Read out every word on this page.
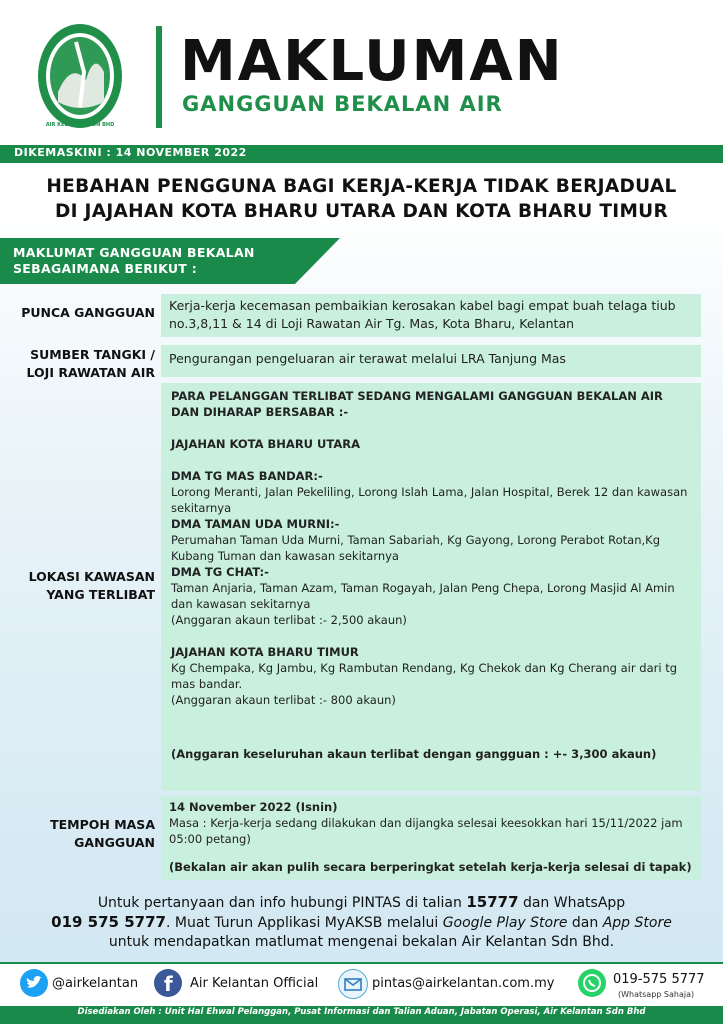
AIR KELANTAN SDN BHD
MAKLUMAN
GANGGUAN BEKALAN AIR
DIKEMASKINI : 14 NOVEMBER 2022
HEBAHAN PENGGUNA BAGI KERJA-KERJA TIDAK BERJADUAL
DI JAJAHAN KOTA BHARU UTARA DAN KOTA BHARU TIMUR
MAKLUMAT GANGGUAN BEKALAN
SEBAGAIMANA BERIKUT :
PUNCA GANGGUAN	Kerja-kerja kecemasan pembaikian kerosakan kabel bagi empat buah telaga tiub no.3,8,11 & 14 di Loji Rawatan Air Tg. Mas, Kota Bharu, Kelantan
SUMBER TANGKI /
LOJI RAWATAN AIR
Pengurangan pengeluaran air terawat melalui LRA Tanjung Mas
LOKASI KAWASAN
YANG TERLIBAT
PARA PELANGGAN TERLIBAT SEDANG MENGALAMI GANGGUAN BEKALAN AIR DAN DIHARAP BERSABAR :-
JAJAHAN KOTA BHARU UTARA
DMA TG MAS BANDAR:-
Lorong Meranti, Jalan Pekeliling, Lorong Islah Lama, Jalan Hospital, Berek 12 dan kawasan sekitarnya
DMA TAMAN UDA MURNI:-
Perumahan Taman Uda Murni, Taman Sabariah, Kg Gayong, Lorong Perabot Rotan,Kg Kubang Tuman dan kawasan sekitarnya
DMA TG CHAT:-
Taman Anjaria, Taman Azam, Taman Rogayah, Jalan Peng Chepa, Lorong Masjid Al Amin dan kawasan sekitarnya
(Anggaran akaun terlibat :- 2,500 akaun)
JAJAHAN KOTA BHARU TIMUR
Kg Chempaka, Kg Jambu, Kg Rambutan Rendang, Kg Chekok dan Kg Cherang air dari tg mas bandar.
(Anggaran akaun terlibat :- 800 akaun)
(Anggaran keseluruhan akaun terlibat dengan gangguan : +- 3,300 akaun)
TEMPOH MASA
GANGGUAN
14 November 2022 (Isnin)
Masa : Kerja-kerja sedang dilakukan dan dijangka selesai keesokkan hari 15/11/2022 jam 05:00 petang)
(Bekalan air akan pulih secara berperingkat setelah kerja-kerja selesai di tapak)
Untuk pertanyaan dan info hubungi PINTAS di talian 15777 dan WhatsApp
019 575 5777. Muat Turun Applikasi MyAKSB melalui Google Play Store dan App Store
untuk mendapatkan matlumat mengenai bekalan Air Kelantan Sdn Bhd.
@airkelantan f Air Kelantan Official	pintas@airkelantan.com.my	019-575 5777
(Whatsapp Sahaja)
Disediakan Oleh : Unit Hal Ehwal Pelanggan, Pusat Informasi dan Talian Aduan, Jabatan Operasi, Air Kelantan Sdn Bhd
